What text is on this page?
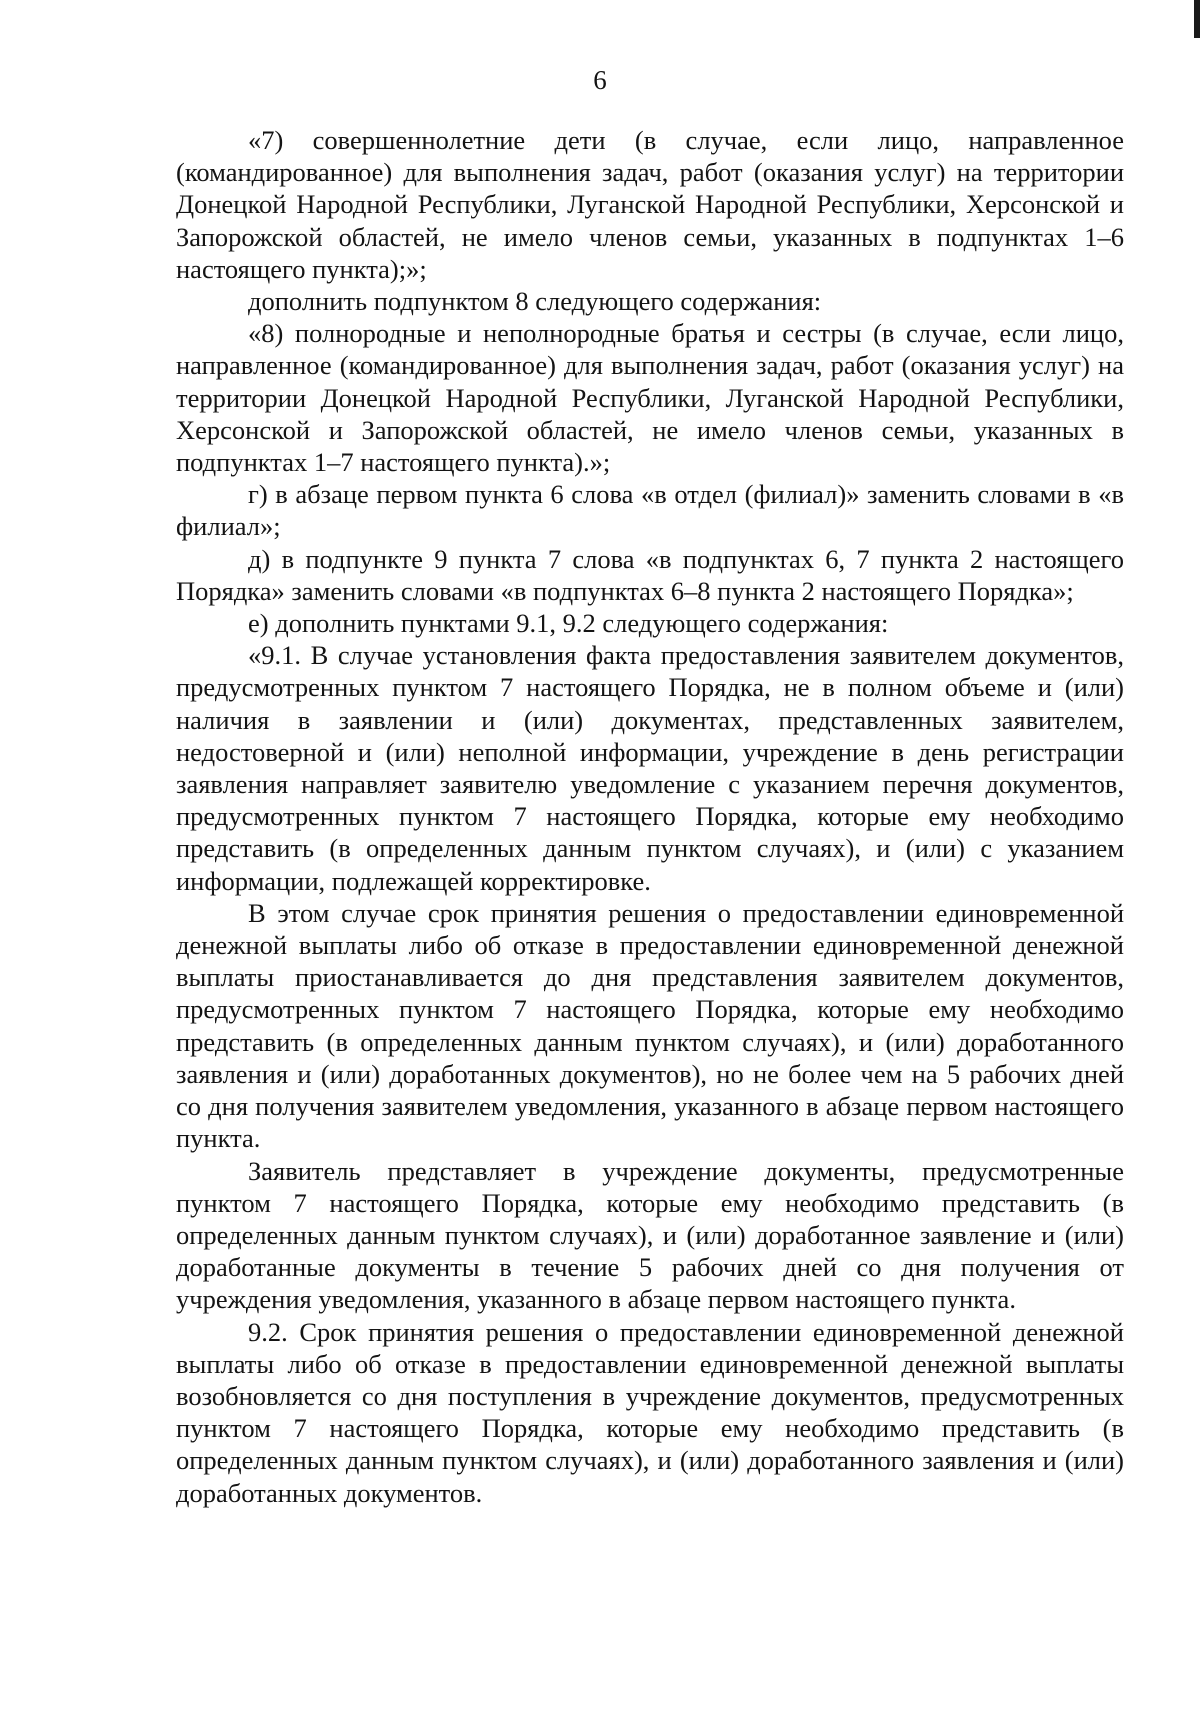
6

«7) совершеннолетние дети (в случае, если лицо, направленное (командированное) для выполнения задач, работ (оказания услуг) на территории Донецкой Народной Республики, Луганской Народной Республики, Херсонской и Запорожской областей, не имело членов семьи, указанных в подпунктах 1–6 настоящего пункта);»;

дополнить подпунктом 8 следующего содержания:

«8) полнородные и неполнородные братья и сестры (в случае, если лицо, направленное (командированное) для выполнения задач, работ (оказания услуг) на территории Донецкой Народной Республики, Луганской Народной Республики, Херсонской и Запорожской областей, не имело членов семьи, указанных в подпунктах 1–7 настоящего пункта).»;

г) в абзаце первом пункта 6 слова «в отдел (филиал)» заменить словами в «в филиал»;

д) в подпункте 9 пункта 7 слова «в подпунктах 6, 7 пункта 2 настоящего Порядка» заменить словами «в подпунктах 6–8 пункта 2 настоящего Порядка»;

е) дополнить пунктами 9.1, 9.2 следующего содержания:

«9.1. В случае установления факта предоставления заявителем документов, предусмотренных пунктом 7 настоящего Порядка, не в полном объеме и (или) наличия в заявлении и (или) документах, представленных заявителем, недостоверной и (или) неполной информации, учреждение в день регистрации заявления направляет заявителю уведомление с указанием перечня документов, предусмотренных пунктом 7 настоящего Порядка, которые ему необходимо представить (в определенных данным пунктом случаях), и (или) с указанием информации, подлежащей корректировке.

В этом случае срок принятия решения о предоставлении единовременной денежной выплаты либо об отказе в предоставлении единовременной денежной выплаты приостанавливается до дня представления заявителем документов, предусмотренных пунктом 7 настоящего Порядка, которые ему необходимо представить (в определенных данным пунктом случаях), и (или) доработанного заявления и (или) доработанных документов), но не более чем на 5 рабочих дней со дня получения заявителем уведомления, указанного в абзаце первом настоящего пункта.

Заявитель представляет в учреждение документы, предусмотренные пунктом 7 настоящего Порядка, которые ему необходимо представить (в определенных данным пунктом случаях), и (или) доработанное заявление и (или) доработанные документы в течение 5 рабочих дней со дня получения от учреждения уведомления, указанного в абзаце первом настоящего пункта.

9.2. Срок принятия решения о предоставлении единовременной денежной выплаты либо об отказе в предоставлении единовременной денежной выплаты возобновляется со дня поступления в учреждение документов, предусмотренных пунктом 7 настоящего Порядка, которые ему необходимо представить (в определенных данным пунктом случаях), и (или) доработанного заявления и (или) доработанных документов.
